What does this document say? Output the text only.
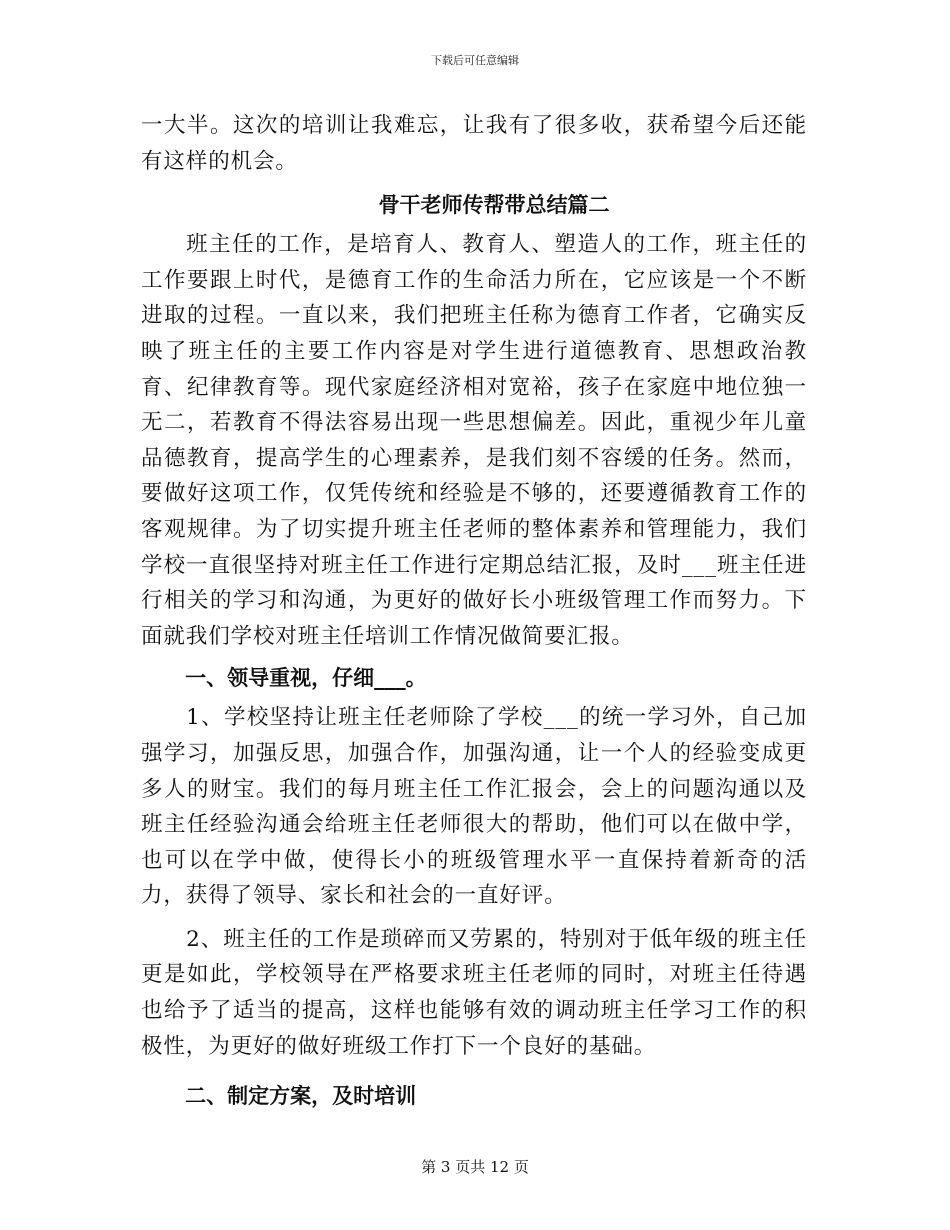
下载后可任意编辑

一大半。这次的培训让我难忘，让我有了很多收，获希望今后还能有这样的机会。

骨干老师传帮带总结篇二

班主任的工作，是培育人、教育人、塑造人的工作，班主任的工作要跟上时代，是德育工作的生命活力所在，它应该是一个不断进取的过程。一直以来，我们把班主任称为德育工作者，它确实反映了班主任的主要工作内容是对学生进行道德教育、思想政治教育、纪律教育等。现代家庭经济相对宽裕，孩子在家庭中地位独一无二，若教育不得法容易出现一些思想偏差。因此，重视少年儿童品德教育，提高学生的心理素养，是我们刻不容缓的任务。然而，要做好这项工作，仅凭传统和经验是不够的，还要遵循教育工作的客观规律。为了切实提升班主任老师的整体素养和管理能力，我们学校一直很坚持对班主任工作进行定期总结汇报，及时___班主任进行相关的学习和沟通，为更好的做好长小班级管理工作而努力。下面就我们学校对班主任培训工作情况做简要汇报。

一、领导重视，仔细___。

1、学校坚持让班主任老师除了学校___的统一学习外，自己加强学习，加强反思，加强合作，加强沟通，让一个人的经验变成更多人的财宝。我们的每月班主任工作汇报会，会上的问题沟通以及班主任经验沟通会给班主任老师很大的帮助，他们可以在做中学，也可以在学中做，使得长小的班级管理水平一直保持着新奇的活力，获得了领导、家长和社会的一直好评。

2、班主任的工作是琐碎而又劳累的，特别对于低年级的班主任更是如此，学校领导在严格要求班主任老师的同时，对班主任待遇也给予了适当的提高，这样也能够有效的调动班主任学习工作的积极性，为更好的做好班级工作打下一个良好的基础。

二、制定方案，及时培训
第 3 页共 12 页
